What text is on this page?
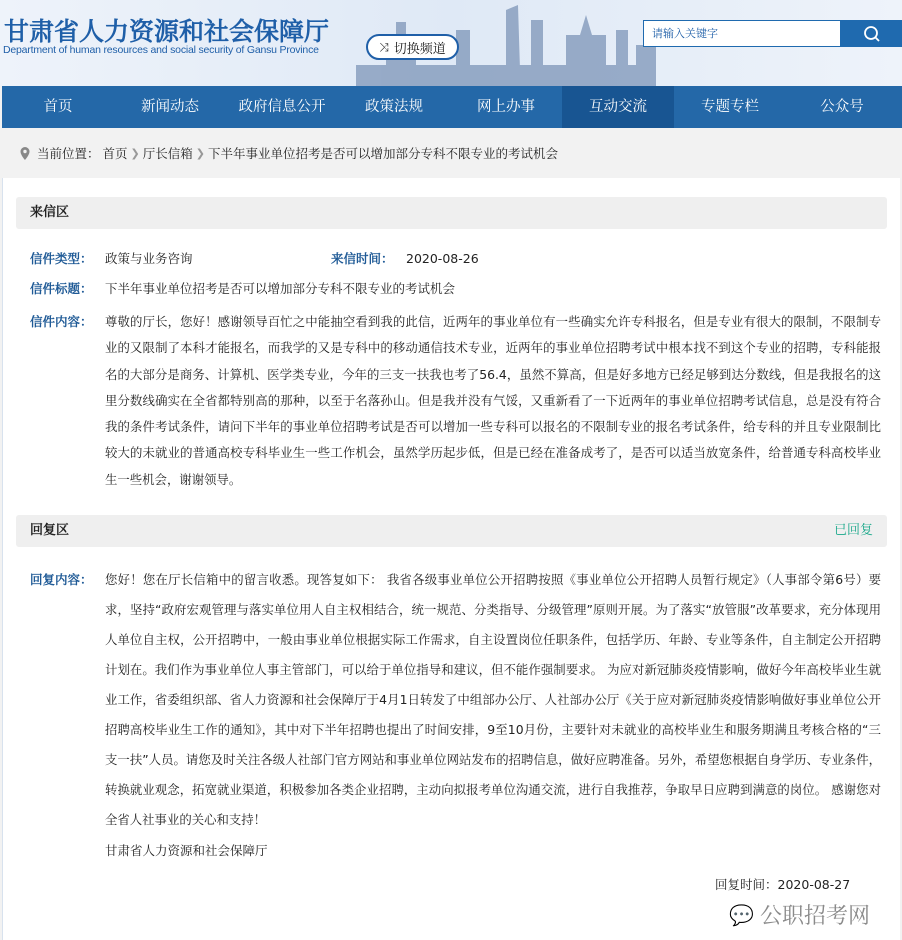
甘肃省人力资源和社会保障厅
Department of human resources and social security of Gansu Province	⤨ 切换频道
请输入关键字
首页	新闻动态	政府信息公开	政策法规	网上办事	互动交流	专题专栏	公众号
当前位置： 首页 ❯ 厅长信箱 ❯ 下半年事业单位招考是否可以增加部分专科不限专业的考试机会
来信区
信件类型： 政策与业务咨询	来信时间： 2020-08-26
信件标题： 下半年事业单位招考是否可以增加部分专科不限专业的考试机会
信件内容：	尊敬的厅长，您好！感谢领导百忙之中能抽空看到我的此信，近两年的事业单位有一些确实允许专科报名，但是专业有很大的限制，不限制专业的又限制了本科才能报名，而我学的又是专科中的移动通信技术专业，近两年的事业单位招聘考试中根本找不到这个专业的招聘，专科能报名的大部分是商务、计算机、医学类专业，今年的三支一扶我也考了56.4，虽然不算高，但是好多地方已经足够到达分数线，但是我报名的这里分数线确实在全省都特别高的那种，以至于名落孙山。但是我并没有气馁，又重新看了一下近两年的事业单位招聘考试信息，总是没有符合我的条件考试条件，请问下半年的事业单位招聘考试是否可以增加一些专科可以报名的不限制专业的报名考试条件，给专科的并且专业限制比较大的未就业的普通高校专科毕业生一些工作机会，虽然学历起步低，但是已经在准备成考了，是否可以适当放宽条件，给普通专科高校毕业生一些机会，谢谢领导。
回复区	已回复
回复内容：	您好！您在厅长信箱中的留言收悉。现答复如下： 我省各级事业单位公开招聘按照《事业单位公开招聘人员暂行规定》（人事部令第6号）要求，坚持“政府宏观管理与落实单位用人自主权相结合，统一规范、分类指导、分级管理”原则开展。为了落实“放管服”改革要求，充分体现用人单位自主权，公开招聘中，一般由事业单位根据实际工作需求，自主设置岗位任职条件，包括学历、年龄、专业等条件，自主制定公开招聘计划在。我们作为事业单位人事主管部门，可以给于单位指导和建议，但不能作强制要求。 为应对新冠肺炎疫情影响，做好今年高校毕业生就业工作，省委组织部、省人力资源和社会保障厅于4月1日转发了中组部办公厅、人社部办公厅《关于应对新冠肺炎疫情影响做好事业单位公开招聘高校毕业生工作的通知》，其中对下半年招聘也提出了时间安排，9至10月份，主要针对未就业的高校毕业生和服务期满且考核合格的“三支一扶”人员。请您及时关注各级人社部门官方网站和事业单位网站发布的招聘信息，做好应聘准备。另外，希望您根据自身学历、专业条件，转换就业观念，拓宽就业渠道，积极参加各类企业招聘，主动向拟报考单位沟通交流，进行自我推荐，争取早日应聘到满意的岗位。 感谢您对全省人社事业的关心和支持！
甘肃省人力资源和社会保障厅
回复时间： 2020-08-27
💬 公职招考网
